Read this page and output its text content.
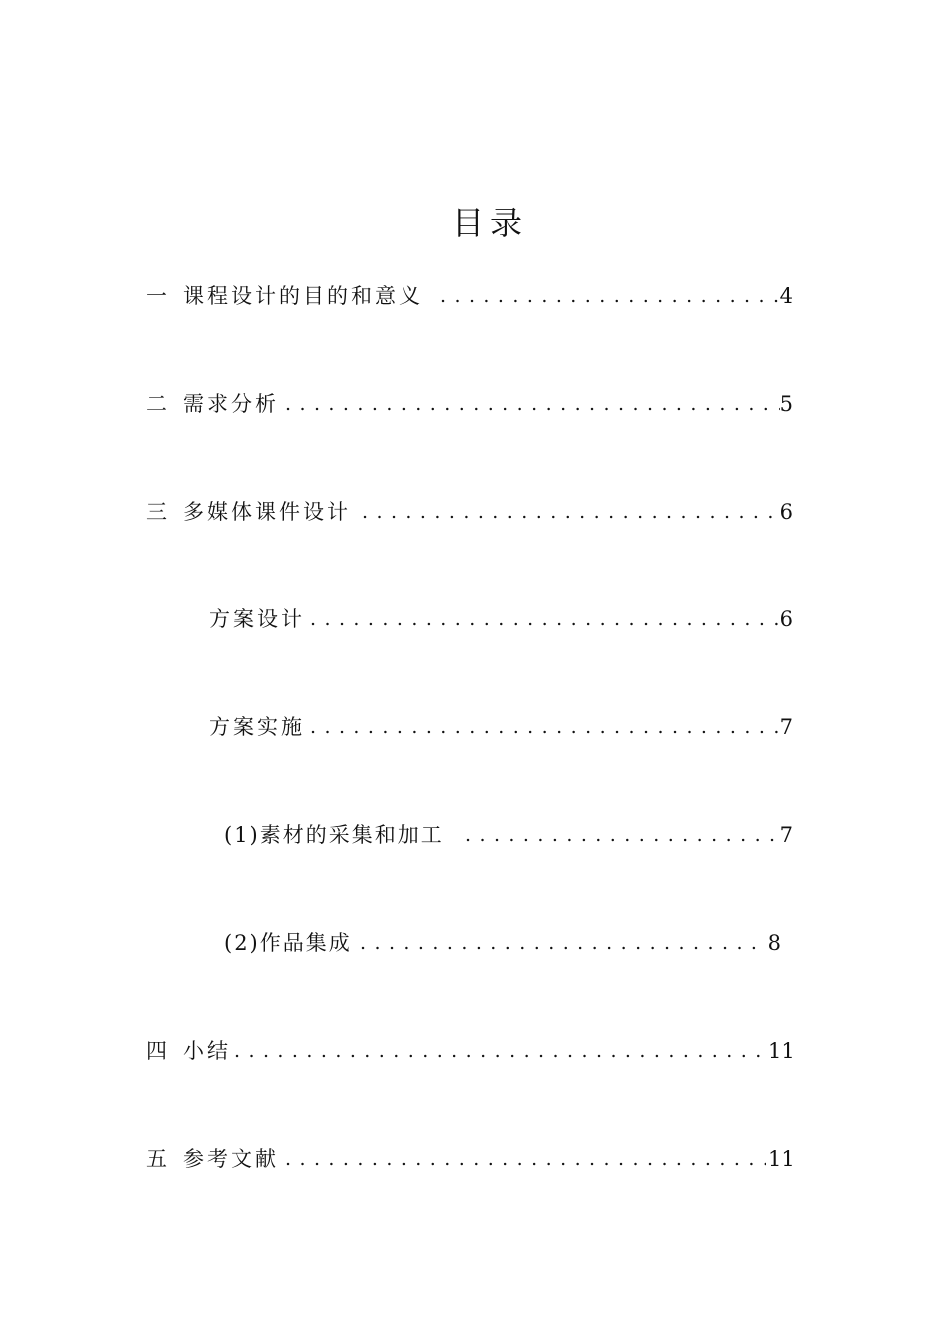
目录
一 课程设计的目的和意义 . . .	4
二 需求分析 . . .	5
三 多媒体课件设计 . . .	6
方案设计 . . .	6
方案实施 . . .	7
(1)素材的采集和加工 . . .	7
(2)作品集成 . . .	8
四 小结 . . .	11
五 参考文献 . . .	11
